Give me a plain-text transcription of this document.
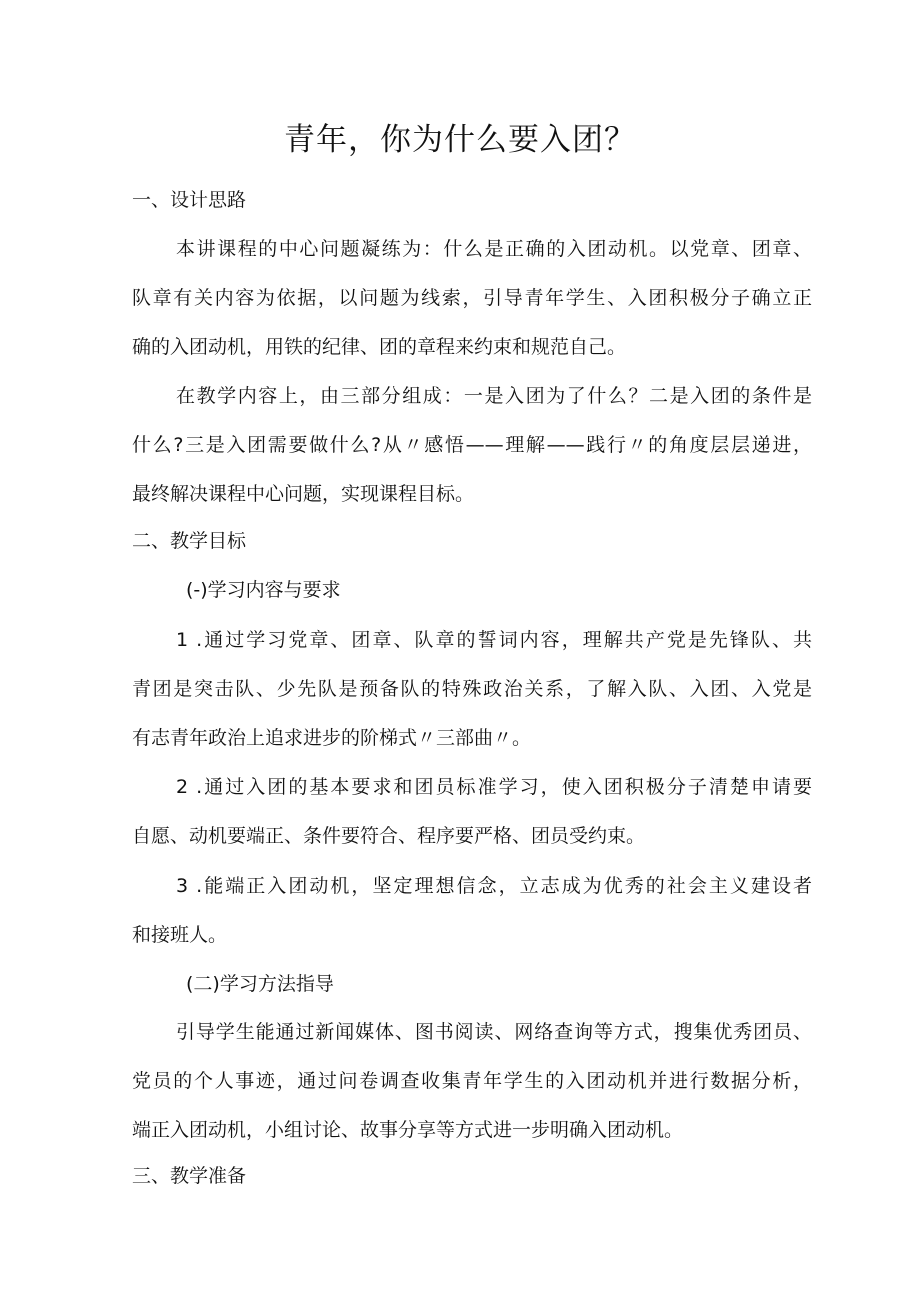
青年，你为什么要入团？
一、设计思路
本讲课程的中心问题凝练为：什么是正确的入团动机。以党章、团章、
队章有关内容为依据，以问题为线索，引导青年学生、入团积极分子确立正
确的入团动机，用铁的纪律、团的章程来约束和规范自己。
在教学内容上，由三部分组成：一是入团为了什么？二是入团的条件是
什么?三是入团需要做什么?从〃感悟——理解——践行〃的角度层层递进，
最终解决课程中心问题，实现课程目标。
二、教学目标
(-)学习内容与要求
1 .通过学习党章、团章、队章的誓词内容，理解共产党是先锋队、共
青团是突击队、少先队是预备队的特殊政治关系，了解入队、入团、入党是
有志青年政治上追求进步的阶梯式〃三部曲〃。
2 .通过入团的基本要求和团员标准学习，使入团积极分子清楚申请要
自愿、动机要端正、条件要符合、程序要严格、团员受约束。
3 .能端正入团动机，坚定理想信念，立志成为优秀的社会主义建设者
和接班人。
(二)学习方法指导
引导学生能通过新闻媒体、图书阅读、网络查询等方式，搜集优秀团员、
党员的个人事迹，通过问卷调查收集青年学生的入团动机并进行数据分析，
端正入团动机，小组讨论、故事分享等方式进一步明确入团动机。
三、教学准备
